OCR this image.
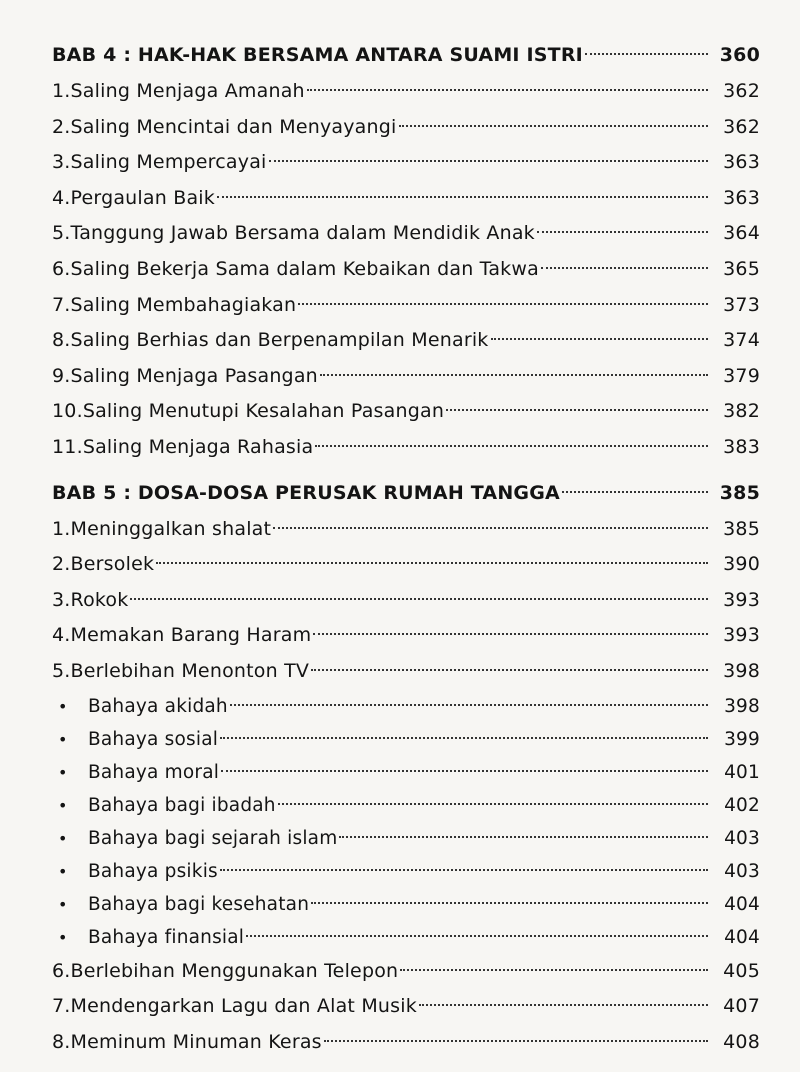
BAB 4 : HAK-HAK BERSAMA ANTARA SUAMI ISTRI	360
1. Saling Menjaga Amanah	362
2. Saling Mencintai dan Menyayangi	362
3. Saling Mempercayai	363
4. Pergaulan Baik	363
5. Tanggung Jawab Bersama dalam Mendidik Anak	364
6. Saling Bekerja Sama dalam Kebaikan dan Takwa	365
7. Saling Membahagiakan	373
8. Saling Berhias dan Berpenampilan Menarik	374
9. Saling Menjaga Pasangan	379
10. Saling Menutupi Kesalahan Pasangan	382
11. Saling Menjaga Rahasia	383
BAB 5 : DOSA-DOSA PERUSAK RUMAH TANGGA	385
1. Meninggalkan shalat	385
2. Bersolek	390
3. Rokok	393
4. Memakan Barang Haram	393
5. Berlebihan Menonton TV	398
•	Bahaya akidah	398
•	Bahaya sosial	399
•	Bahaya moral	401
•	Bahaya bagi ibadah	402
•	Bahaya bagi sejarah islam	403
•	Bahaya psikis	403
•	Bahaya bagi kesehatan	404
•	Bahaya finansial	404
6. Berlebihan Menggunakan Telepon	405
7. Mendengarkan Lagu dan Alat Musik	407
8. Meminum Minuman Keras	408
